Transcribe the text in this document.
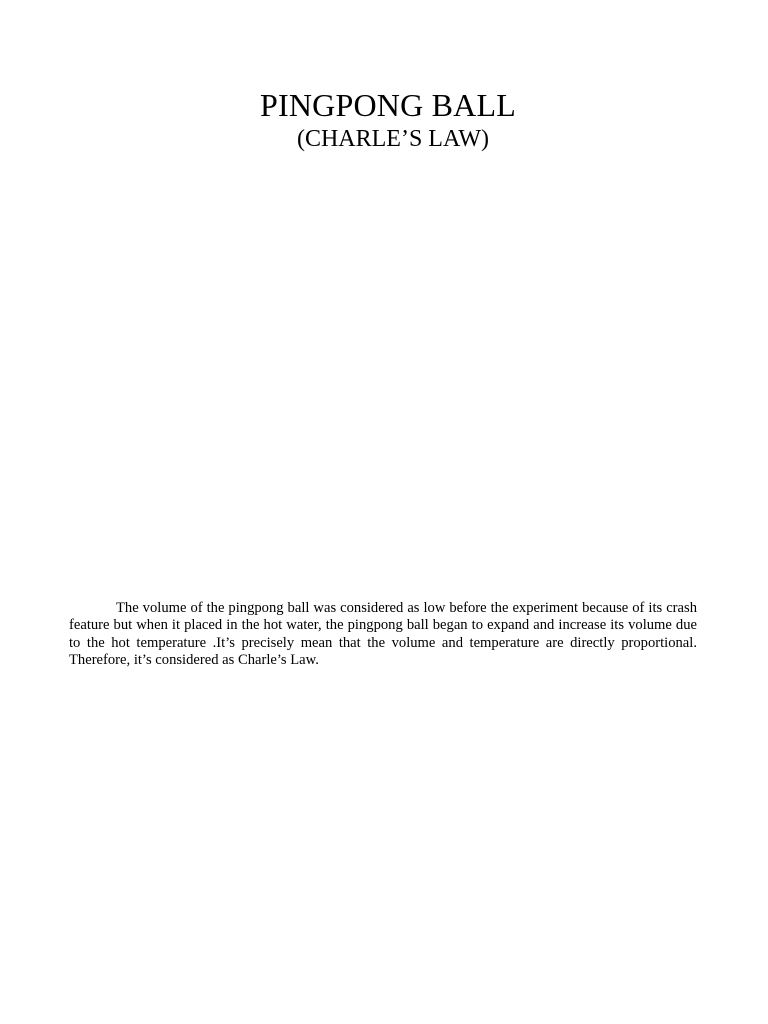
PINGPONG BALL
(CHARLE’S LAW)

The volume of the pingpong ball was considered as low before the experiment because of its crash feature but when it placed in the hot water, the pingpong ball began to expand and increase its volume due to the hot temperature .It’s precisely mean that the volume and temperature are directly proportional. Therefore, it’s considered as Charle’s Law.
